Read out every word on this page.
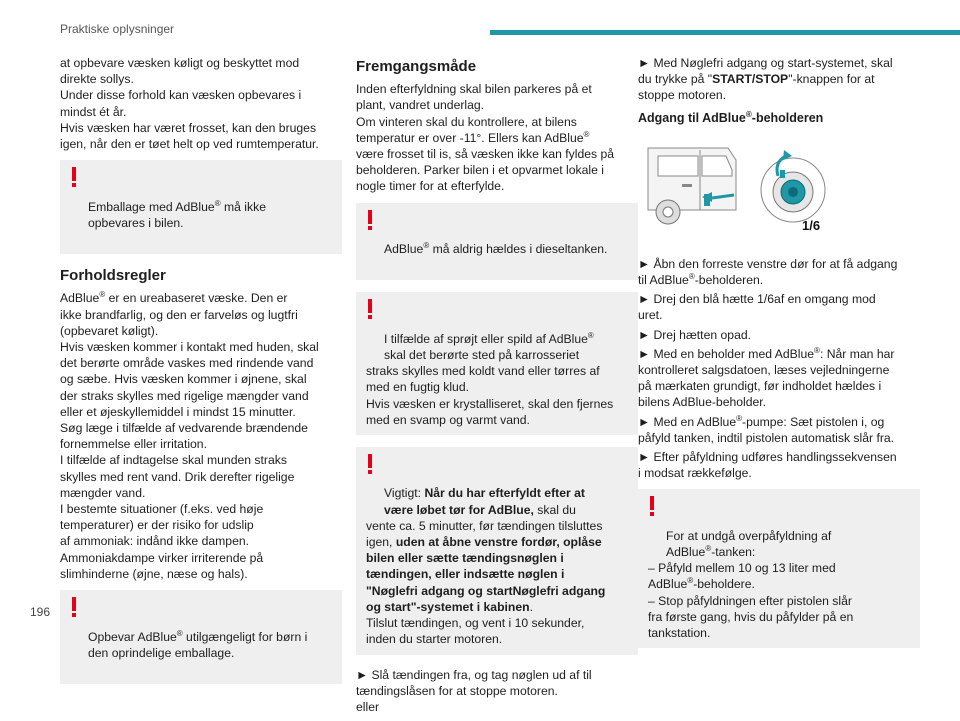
Praktiske oplysninger

at opbevare væsken køligt og beskyttet mod
direkte sollys.
Under disse forhold kan væsken opbevares i
mindst ét år.
Hvis væsken har været frosset, kan den bruges
igen, når den er tøet helt op ved rumtemperatur.

Emballage med AdBlue® må ikke
opbevares i bilen.

Forholdsregler

AdBlue® er en ureabaseret væske. Den er
ikke brandfarlig, og den er farveløs og lugtfri
(opbevaret køligt).
Hvis væsken kommer i kontakt med huden, skal
det berørte område vaskes med rindende vand
og sæbe. Hvis væsken kommer i øjnene, skal
der straks skylles med rigelige mængder vand
eller et øjeskyllemiddel i mindst 15 minutter.
Søg læge i tilfælde af vedvarende brændende
fornemmelse eller irritation.
I tilfælde af indtagelse skal munden straks
skylles med rent vand. Drik derefter rigelige
mængder vand.
I bestemte situationer (f.eks. ved høje
temperaturer) er der risiko for udslip
af ammoniak: indånd ikke dampen.
Ammoniakdampe virker irriterende på
slimhinderne (øjne, næse og hals).

Opbevar AdBlue® utilgængeligt for børn i
den oprindelige emballage.

Fremgangsmåde

Inden efterfyldning skal bilen parkeres på et
plant, vandret underlag.
Om vinteren skal du kontrollere, at bilens
temperatur er over -11°. Ellers kan AdBlue®
være frosset til is, så væsken ikke kan fyldes på
beholderen. Parker bilen i et opvarmet lokale i
nogle timer for at efterfylde.

AdBlue® må aldrig hældes i dieseltanken.

I tilfælde af sprøjt eller spild af AdBlue®
skal det berørte sted på karrosseriet
straks skylles med koldt vand eller tørres af
med en fugtig klud.
Hvis væsken er krystalliseret, skal den fjernes
med en svamp og varmt vand.

Vigtigt: Når du har efterfyldt efter at
være løbet tør for AdBlue, skal du
vente ca. 5 minutter, før tændingen tilsluttes
igen, uden at åbne venstre fordør, oplåse
bilen eller sætte tændingsnøglen i
tændingen, eller indsætte nøglen i
"Nøglefri adgang og startNøglefri adgang
og start"-systemet i kabinen.
Tilslut tændingen, og vent i 10 sekunder,
inden du starter motoren.

► Slå tændingen fra, og tag nøglen ud af til
tændingslåsen for at stoppe motoren.
eller

► Med Nøglefri adgang og start-systemet, skal
du trykke på "START/STOP"-knappen for at
stoppe motoren.

Adgang til AdBlue®-beholderen
1/6

► Åbn den forreste venstre dør for at få adgang
til AdBlue®-beholderen.

► Drej den blå hætte 1/6af en omgang mod
uret.

► Drej hætten opad.

► Med en beholder med AdBlue®: Når man har
kontrolleret salgsdatoen, læses vejledningerne
på mærkaten grundigt, før indholdet hældes i
bilens AdBlue-beholder.

► Med en AdBlue®-pumpe: Sæt pistolen i, og
påfyld tanken, indtil pistolen automatisk slår fra.

► Efter påfyldning udføres handlingssekvensen
i modsat rækkefølge.

For at undgå overpåfyldning af
AdBlue®-tanken:
– Påfyld mellem 10 og 13 liter med
AdBlue®-beholdere.
– Stop påfyldningen efter pistolen slår
fra første gang, hvis du påfylder på en
tankstation.

196
